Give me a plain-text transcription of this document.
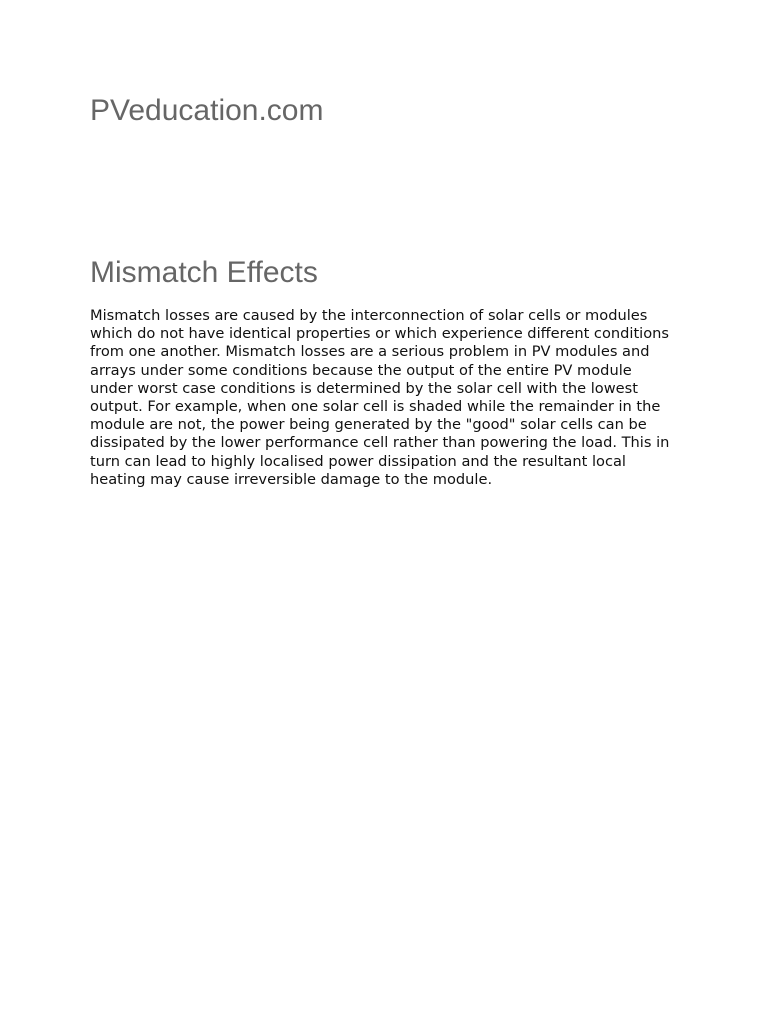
PVeducation.com
Mismatch Effects

Mismatch losses are caused by the interconnection of solar cells or modules which do not have identical properties or which experience different conditions from one another. Mismatch losses are a serious problem in PV modules and arrays under some conditions because the output of the entire PV module under worst case conditions is determined by the solar cell with the lowest output. For example, when one solar cell is shaded while the remainder in the module are not, the power being generated by the "good" solar cells can be dissipated by the lower performance cell rather than powering the load. This in turn can lead to highly localised power dissipation and the resultant local heating may cause irreversible damage to the module.
